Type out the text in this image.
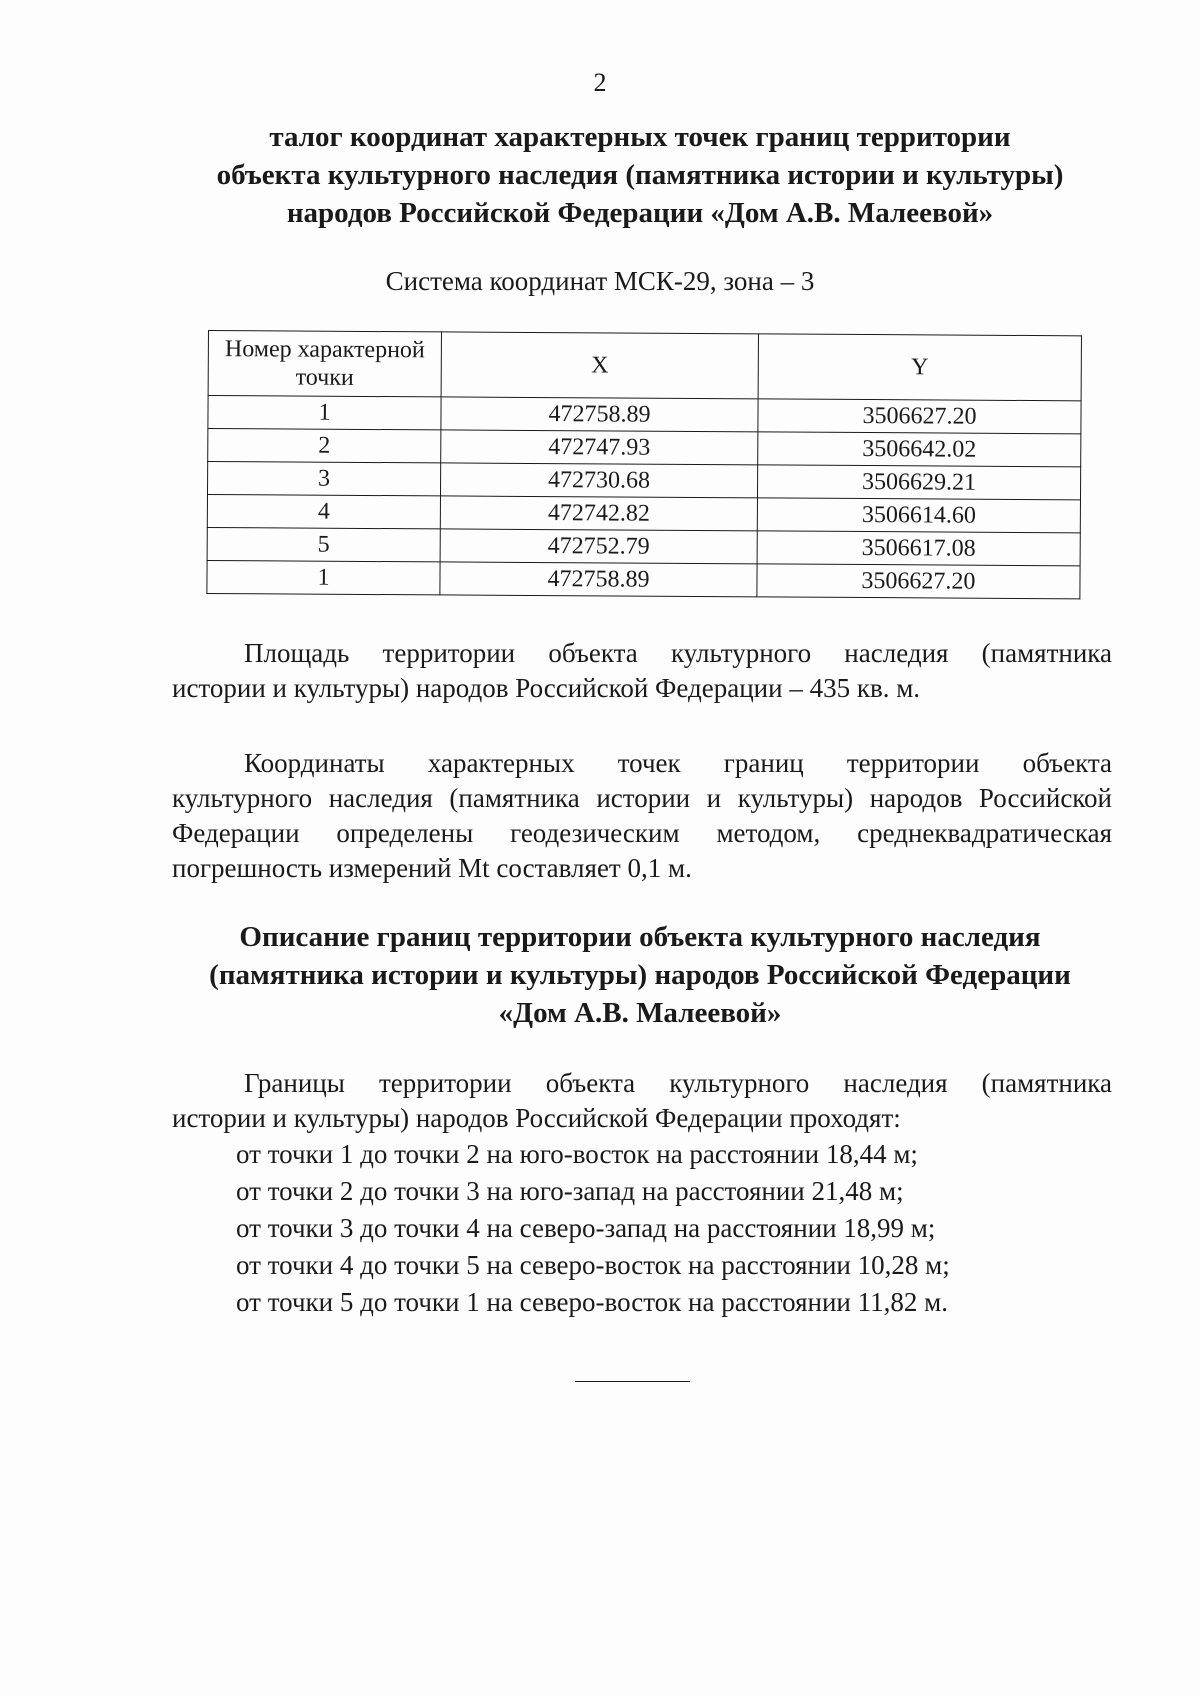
2
талог координат характерных точек границ территории
объекта культурного наследия (памятника истории и культуры)
народов Российской Федерации «Дом А.В. Малеевой»
Система координат МСК-29, зона – 3
Номер характерной
точки	X	Y
1	472758.89	3506627.20
2	472747.93	3506642.02
3	472730.68	3506629.21
4	472742.82	3506614.60
5	472752.79	3506617.08
1	472758.89	3506627.20
Площадь территории объекта культурного наследия (памятника
истории и культуры) народов Российской Федерации – 435 кв. м.
Координаты характерных точек границ территории объекта
культурного наследия (памятника истории и культуры) народов Российской
Федерации определены геодезическим методом, среднеквадратическая
погрешность измерений Mt составляет 0,1 м.
Описание границ территории объекта культурного наследия
(памятника истории и культуры) народов Российской Федерации
«Дом А.В. Малеевой»
Границы территории объекта культурного наследия (памятника
истории и культуры) народов Российской Федерации проходят:
от точки 1 до точки 2 на юго-восток на расстоянии 18,44 м;
от точки 2 до точки 3 на юго-запад на расстоянии 21,48 м;
от точки 3 до точки 4 на северо-запад на расстоянии 18,99 м;
от точки 4 до точки 5 на северо-восток на расстоянии 10,28 м;
от точки 5 до точки 1 на северо-восток на расстоянии 11,82 м.
